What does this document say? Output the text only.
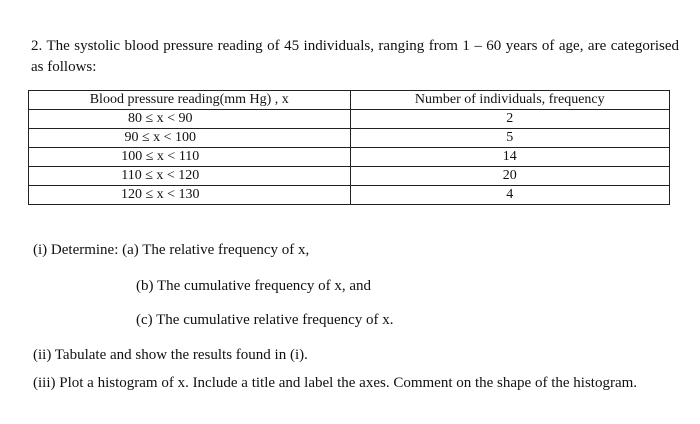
2. The systolic blood pressure reading of 45 individuals, ranging from 1 – 60 years of age, are categorised as follows:
Blood pressure reading(mm Hg) , x	Number of individuals, frequency
80 ≤ x < 90	2
90 ≤ x < 100	5
100 ≤ x < 110	14
110 ≤ x < 120	20
120 ≤ x < 130	4
(i) Determine: (a) The relative frequency of x,
(b) The cumulative frequency of x, and
(c) The cumulative relative frequency of x.
(ii) Tabulate and show the results found in (i).
(iii) Plot a histogram of x. Include a title and label the axes. Comment on the shape of the histogram.
